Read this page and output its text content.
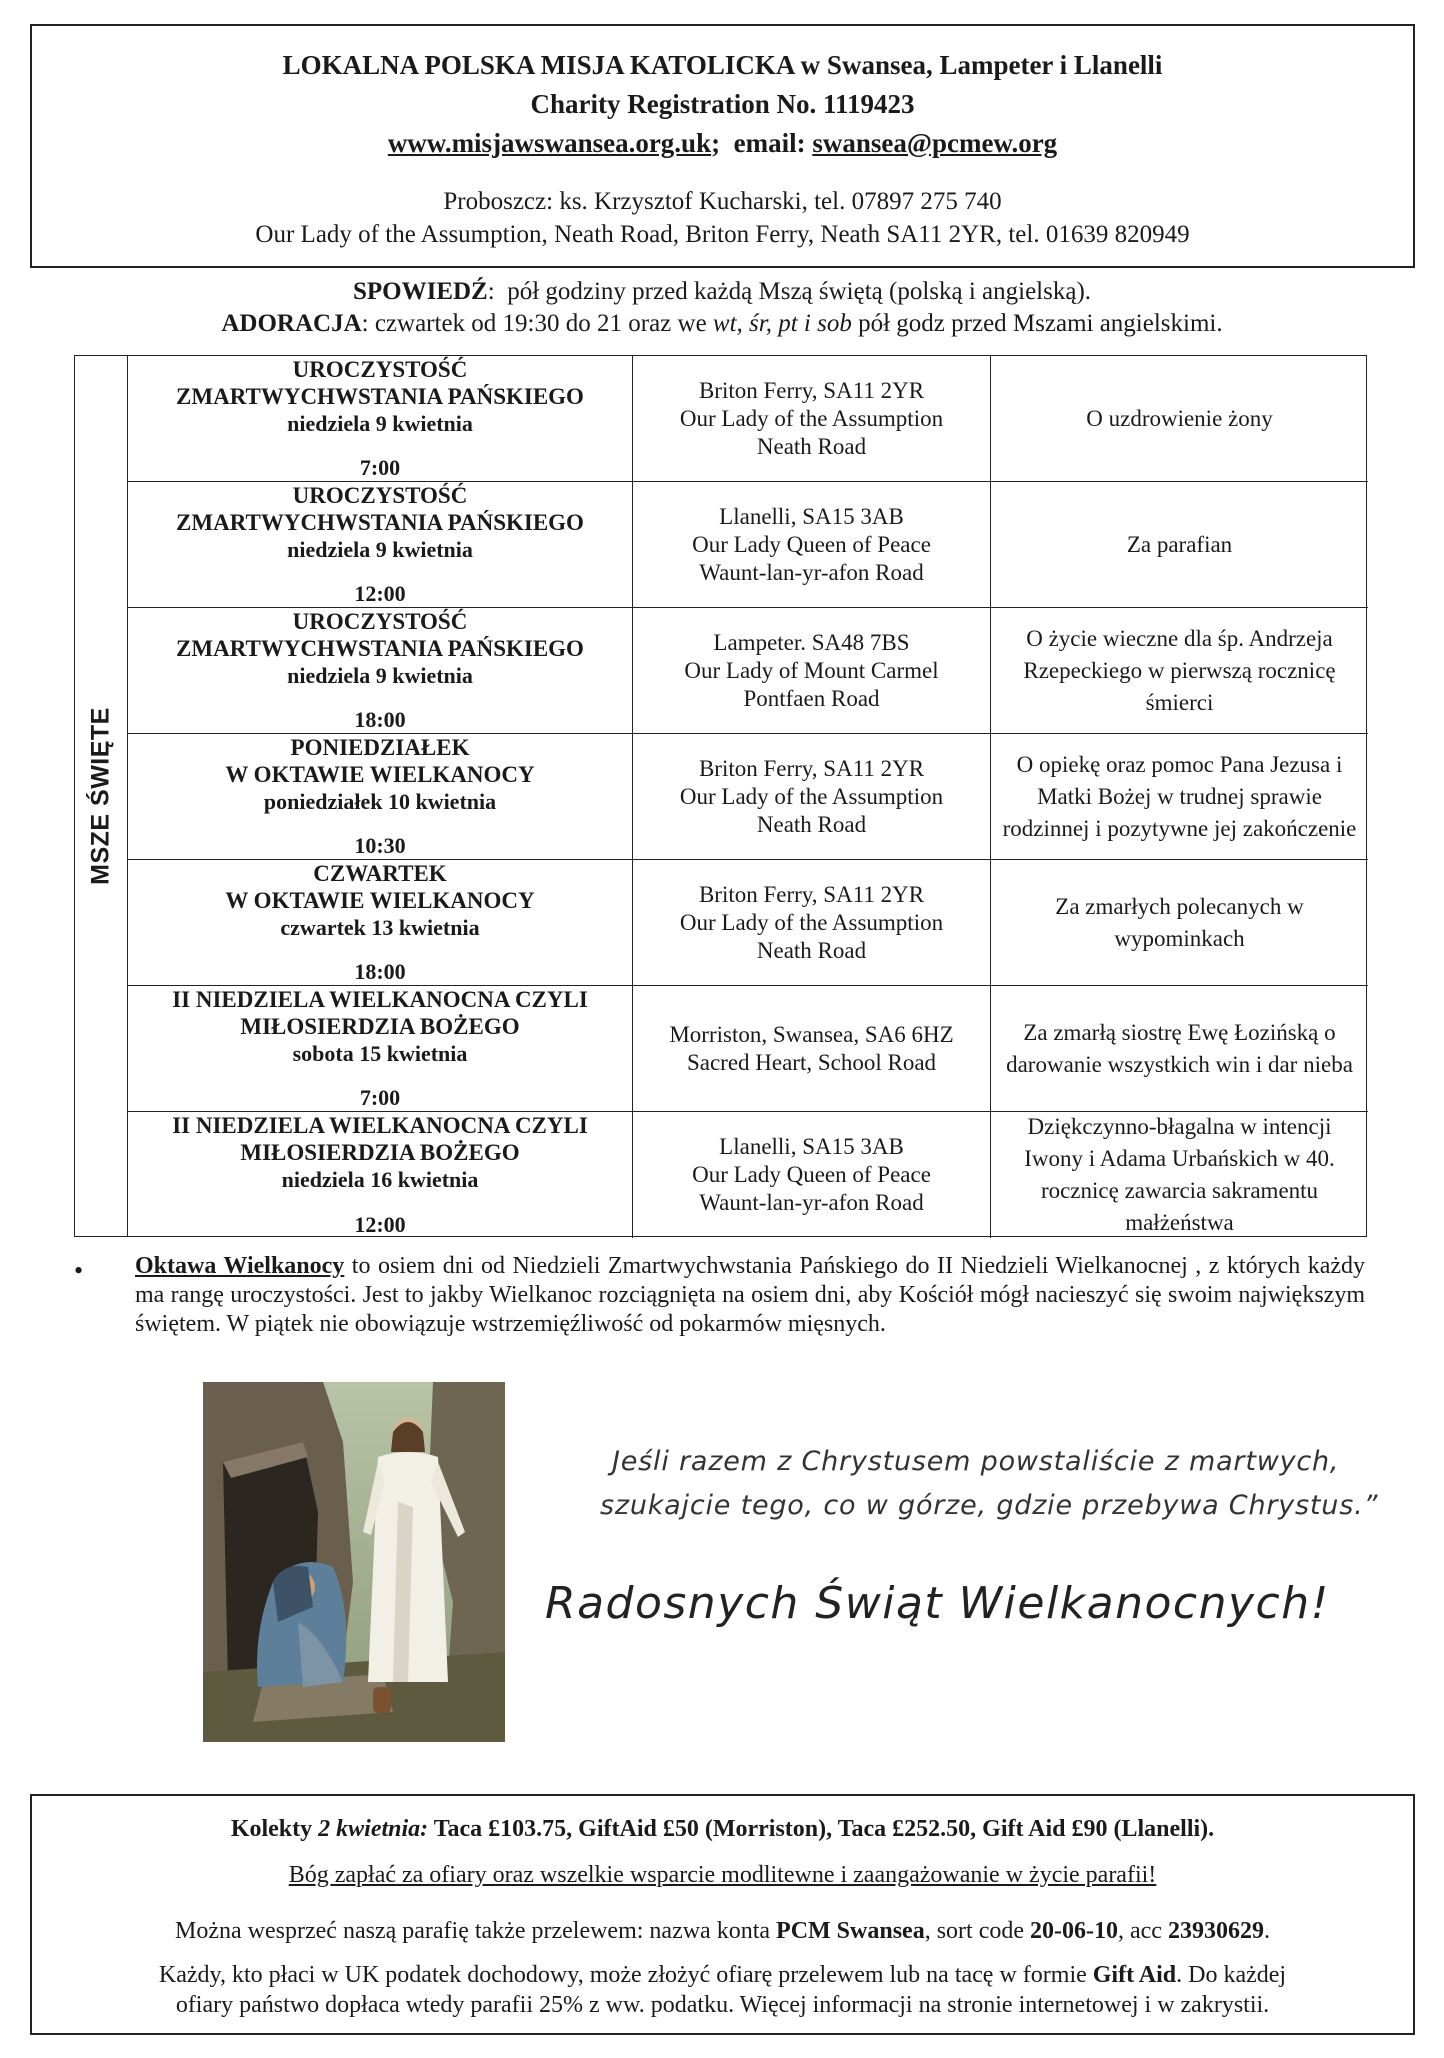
LOKALNA POLSKA MISJA KATOLICKA w Swansea, Lampeter i Llanelli
Charity Registration No. 1119423
www.misjawswansea.org.uk;  email: swansea@pcmew.org
Proboszcz: ks. Krzysztof Kucharski, tel. 07897 275 740
Our Lady of the Assumption, Neath Road, Briton Ferry, Neath SA11 2YR, tel. 01639 820949
SPOWIEDŹ:  pół godziny przed każdą Mszą świętą (polską i angielską).
ADORACJA: czwartek od 19:30 do 21 oraz we wt, śr, pt i sob pół godz przed Mszami angielskimi.
MSZE ŚWIĘTE
UROCZYSTOŚĆ
ZMARTWYCHWSTANIA PAŃSKIEGO
niedziela 9 kwietnia
7:00
Briton Ferry, SA11 2YR
Our Lady of the Assumption
Neath Road
O uzdrowienie żony
UROCZYSTOŚĆ
ZMARTWYCHWSTANIA PAŃSKIEGO
niedziela 9 kwietnia
12:00
Llanelli, SA15 3AB
Our Lady Queen of Peace
Waunt-lan-yr-afon Road
Za parafian
UROCZYSTOŚĆ
ZMARTWYCHWSTANIA PAŃSKIEGO
niedziela 9 kwietnia
18:00
Lampeter. SA48 7BS
Our Lady of Mount Carmel
Pontfaen Road
O życie wieczne dla śp. Andrzeja Rzepeckiego w pierwszą rocznicę śmierci
PONIEDZIAŁEK
W OKTAWIE WIELKANOCY
poniedziałek 10 kwietnia
10:30
Briton Ferry, SA11 2YR
Our Lady of the Assumption
Neath Road
O opiekę oraz pomoc Pana Jezusa i Matki Bożej w trudnej sprawie rodzinnej i pozytywne jej zakończenie
CZWARTEK
W OKTAWIE WIELKANOCY
czwartek 13 kwietnia
18:00
Briton Ferry, SA11 2YR
Our Lady of the Assumption
Neath Road
Za zmarłych polecanych w wypominkach
II NIEDZIELA WIELKANOCNA CZYLI
MIŁOSIERDZIA BOŻEGO
sobota 15 kwietnia
7:00
Morriston, Swansea, SA6 6HZ
Sacred Heart, School Road
Za zmarłą siostrę Ewę Łozińską o darowanie wszystkich win i dar nieba
II NIEDZIELA WIELKANOCNA CZYLI
MIŁOSIERDZIA BOŻEGO
niedziela 16 kwietnia
12:00
Llanelli, SA15 3AB
Our Lady Queen of Peace
Waunt-lan-yr-afon Road
Dziękczynno-błagalna w intencji Iwony i Adama Urbańskich w 40. rocznicę zawarcia sakramentu małżeństwa
• Oktawa Wielkanocy to osiem dni od Niedzieli Zmartwychwstania Pańskiego do II Niedzieli Wielkanocnej , z których każdy ma rangę uroczystości. Jest to jakby Wielkanoc rozciągnięta na osiem dni, aby Kościół mógł nacieszyć się swoim największym świętem. W piątek nie obowiązuje wstrzemięźliwość od pokarmów mięsnych.
Jeśli razem z Chrystusem powstaliście z martwych,
szukajcie tego, co w górze, gdzie przebywa Chrystus.”
Radosnych Świąt Wielkanocnych!
Kolekty 2 kwietnia: Taca £103.75, GiftAid £50 (Morriston), Taca £252.50, Gift Aid £90 (Llanelli).
Bóg zapłać za ofiary oraz wszelkie wsparcie modlitewne i zaangażowanie w życie parafii!
Można wesprzeć naszą parafię także przelewem: nazwa konta PCM Swansea, sort code 20-06-10, acc 23930629.
Każdy, kto płaci w UK podatek dochodowy, może złożyć ofiarę przelewem lub na tacę w formie Gift Aid. Do każdej
ofiary państwo dopłaca wtedy parafii 25% z ww. podatku. Więcej informacji na stronie internetowej i w zakrystii.
